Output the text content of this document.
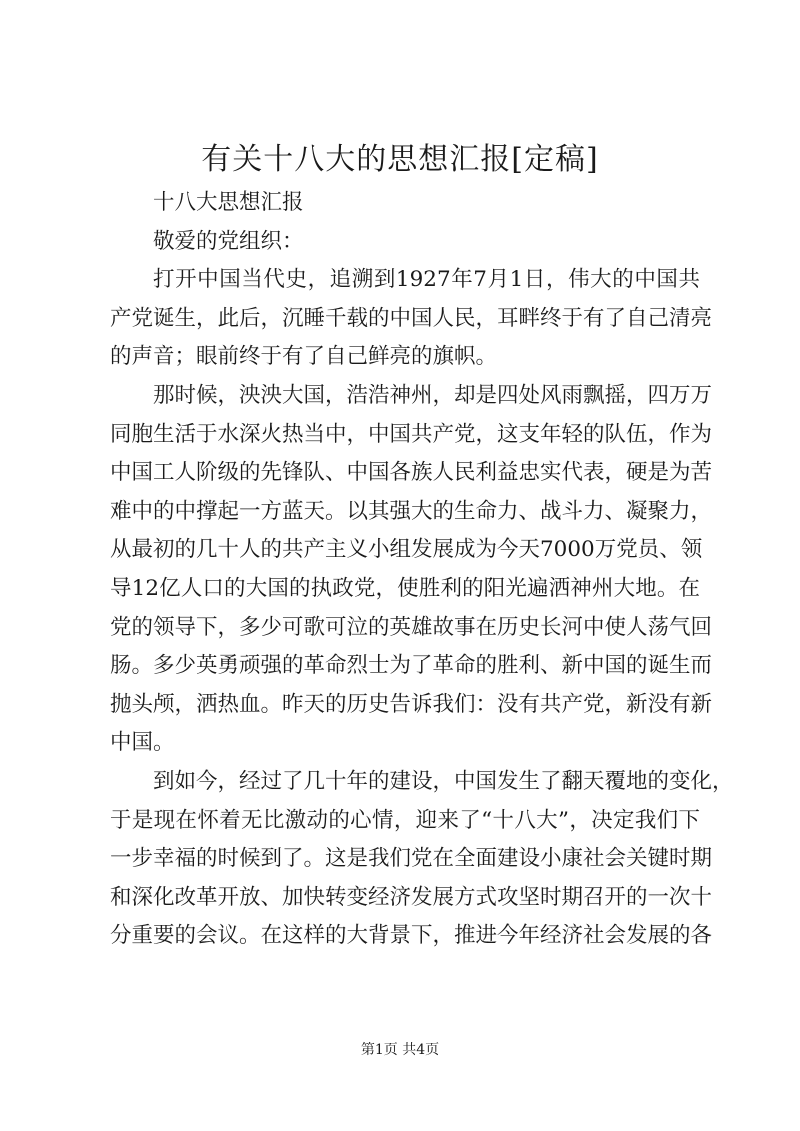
有关十八大的思想汇报[定稿]

十八大思想汇报

敬爱的党组织：

打开中国当代史，追溯到1927年7月1日，伟大的中国共
产党诞生，此后，沉睡千载的中国人民，耳畔终于有了自己清亮
的声音；眼前终于有了自己鲜亮的旗帜。

那时候，泱泱大国，浩浩神州，却是四处风雨飘摇，四万万
同胞生活于水深火热当中，中国共产党，这支年轻的队伍，作为
中国工人阶级的先锋队、中国各族人民利益忠实代表，硬是为苦
难中的中撑起一方蓝天。以其强大的生命力、战斗力、凝聚力，
从最初的几十人的共产主义小组发展成为今天7000万党员、领
导12亿人口的大国的执政党，使胜利的阳光遍洒神州大地。在
党的领导下，多少可歌可泣的英雄故事在历史长河中使人荡气回
肠。多少英勇顽强的革命烈士为了革命的胜利、新中国的诞生而
抛头颅，洒热血。昨天的历史告诉我们：没有共产党，新没有新
中国。

到如今，经过了几十年的建设，中国发生了翻天覆地的变化，
于是现在怀着无比激动的心情，迎来了“十八大”，决定我们下
一步幸福的时候到了。这是我们党在全面建设小康社会关键时期
和深化改革开放、加快转变经济发展方式攻坚时期召开的一次十
分重要的会议。在这样的大背景下，推进今年经济社会发展的各

第1页 共4页
